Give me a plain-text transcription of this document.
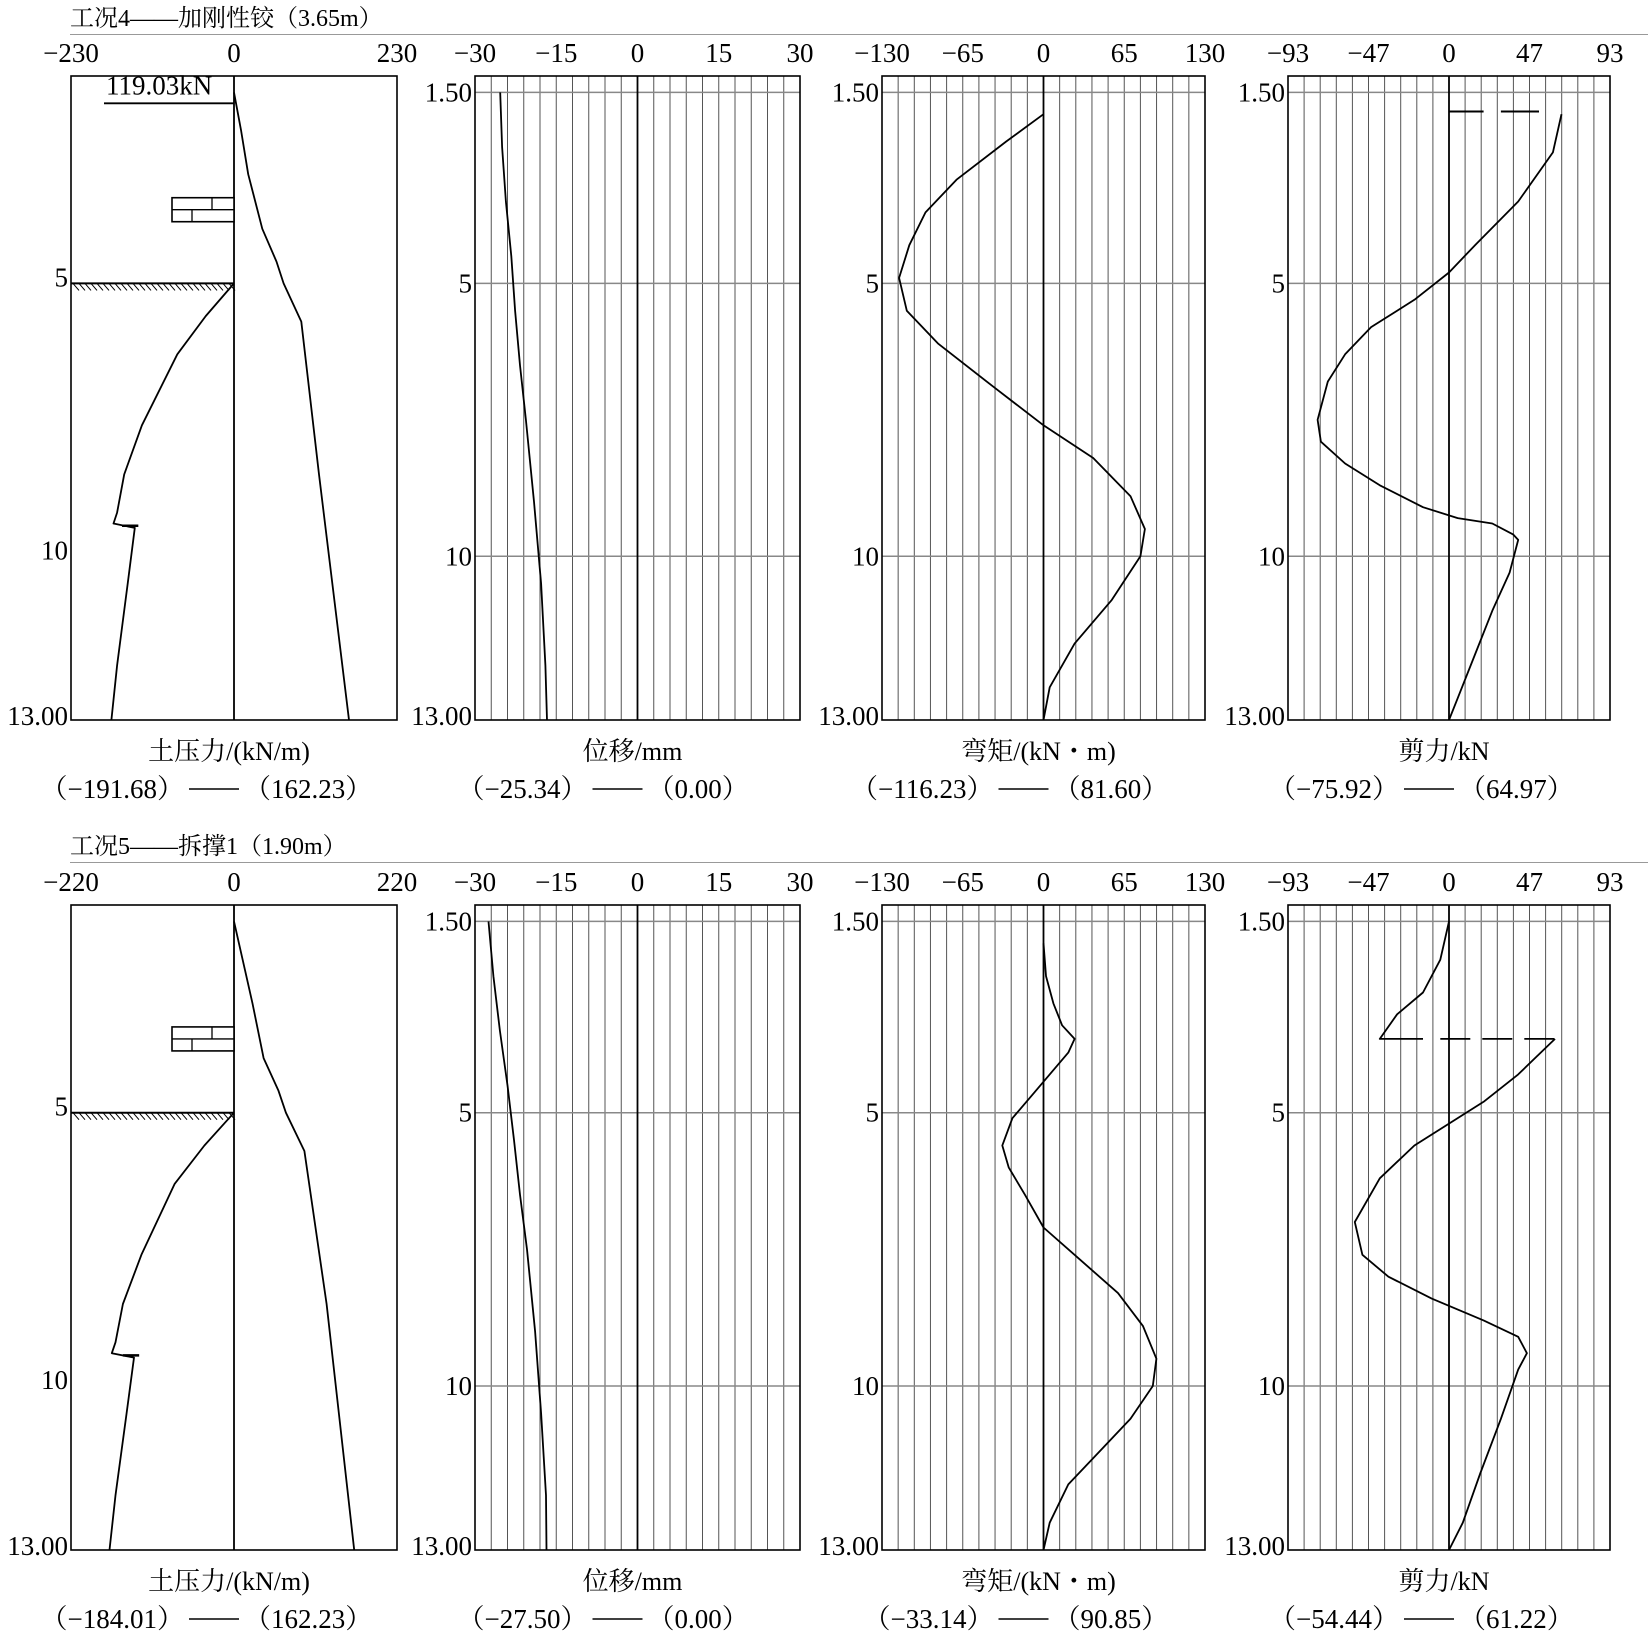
工况4——加刚性铰（3.65m）
工况5——拆撑1（1.90m）
−230	0	230
5
10
13.00
119.03kN
土压力/(kN/m)
（−191.68） （162.23）
−30 −15 0 15 30
1.50
5
10
13.00
位移/mm
（−25.34） （0.00）
−130 −65 0 65 130
1.50
5
10
13.00
弯矩/(kN・m)
（−116.23） （81.60）
−93 −47 0 47 93
1.50
5
10
13.00
剪力/kN
（−75.92） （64.97）
−220	0	220
5
10
13.00
土压力/(kN/m)
（−184.01） （162.23）
−30 −15 0 15 30
1.50
5
10
13.00
位移/mm
（−27.50） （0.00）
−130 −65 0 65 130
1.50
5
10
13.00
弯矩/(kN・m)
（−33.14） （90.85）
−93 −47 0 47 93
1.50
5
10
13.00
剪力/kN
（−54.44） （61.22）
